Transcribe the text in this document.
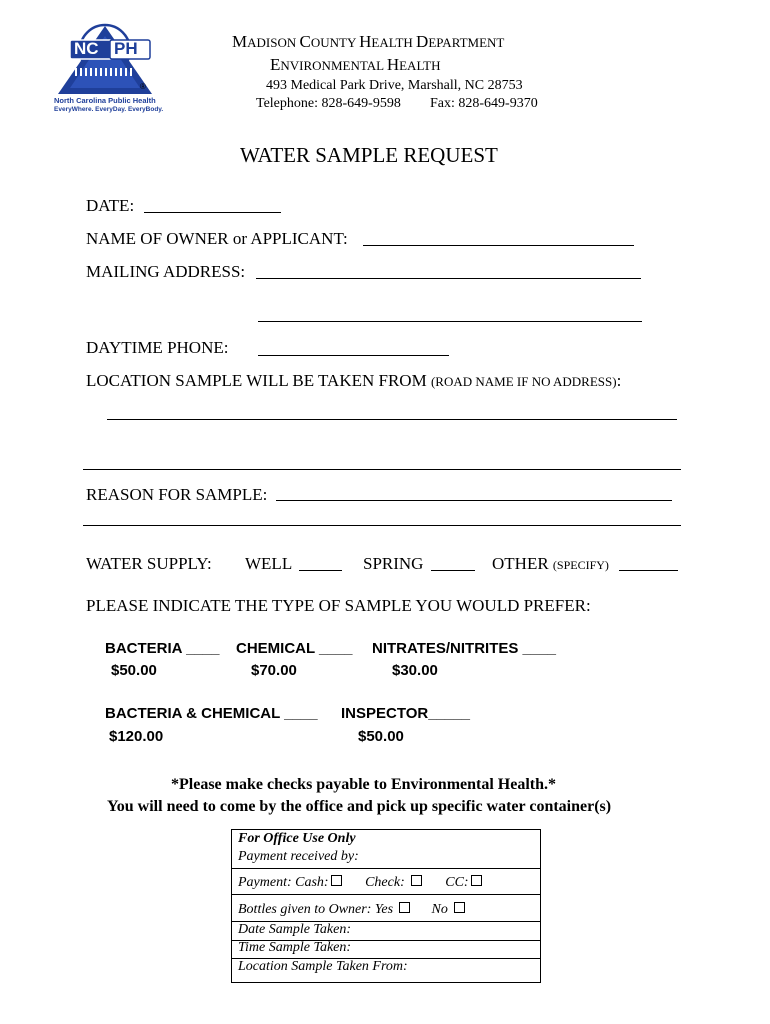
NC PH
®
North Carolina Public Health
EveryWhere. EveryDay. EveryBody.
MADISON COUNTY HEALTH DEPARTMENT
ENVIRONMENTAL HEALTH
493 Medical Park Drive, Marshall, NC 28753
Telephone: 828-649-9598 Fax: 828-649-9370
WATER SAMPLE REQUEST
DATE:
NAME OF OWNER or APPLICANT:
MAILING ADDRESS:
DAYTIME PHONE:
LOCATION SAMPLE WILL BE TAKEN FROM (ROAD NAME IF NO ADDRESS):
REASON FOR SAMPLE:
WATER SUPPLY: WELL	SPRING	OTHER (SPECIFY)
PLEASE INDICATE THE TYPE OF SAMPLE YOU WOULD PREFER:
BACTERIA ____
$50.00
CHEMICAL ____
$70.00
NITRATES/NITRITES ____
$30.00
BACTERIA & CHEMICAL ____
$120.00
INSPECTOR_____
$50.00
*Please make checks payable to Environmental Health.*
You will need to come by the office and pick up specific water container(s)
For Office Use Only
Payment received by:
Payment: Cash:	Check:	CC:
Bottles given to Owner: Yes	No
Date Sample Taken:
Time Sample Taken:
Location Sample Taken From:
